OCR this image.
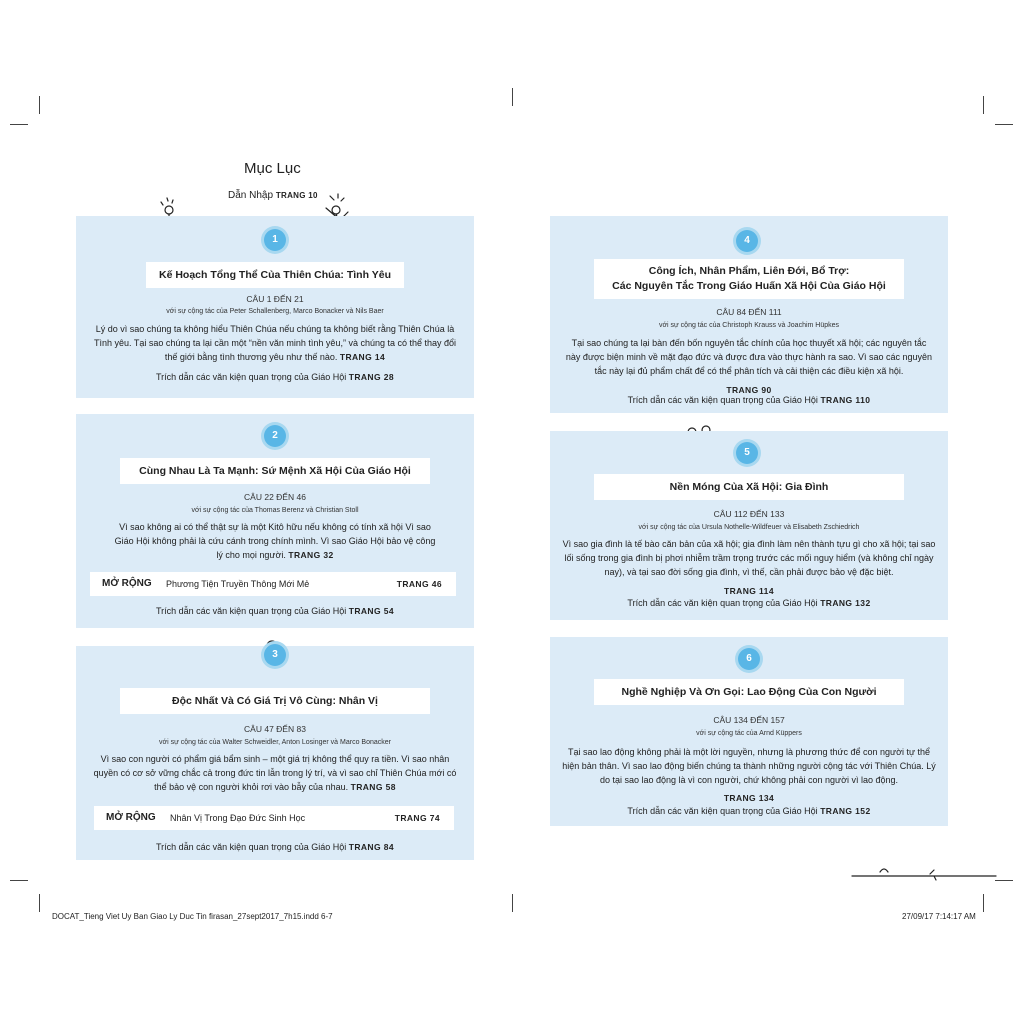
Mục Lục
Dẫn Nhập TRANG 10
1
Kế Hoạch Tổng Thể Của Thiên Chúa: Tình Yêu
CÂU 1 ĐẾN 21
với sự cộng tác của Peter Schallenberg, Marco Bonacker và Nils Baer
Lý do vì sao chúng ta không hiểu Thiên Chúa nếu chúng ta không biết rằng Thiên Chúa là Tình yêu. Tại sao chúng ta lại cần một “nền văn minh tình yêu,” và chúng ta có thể thay đổi thế giới bằng tình thương yêu như thế nào. TRANG 14
Trích dẫn các văn kiện quan trọng của Giáo Hội TRANG 28
2
Cùng Nhau Là Ta Mạnh: Sứ Mệnh Xã Hội Của Giáo Hội
CÂU 22 ĐẾN 46
với sự cộng tác của Thomas Berenz và Christian Stoll
Vì sao không ai có thể thật sự là một Kitô hữu nếu không có tính xã hội Vì sao Giáo Hội không phải là cứu cánh trong chính mình. Vì sao Giáo Hội bảo vệ công lý cho mọi người. TRANG 32
MỞ RỘNG Phương Tiện Truyền Thông Mới Mẻ	TRANG 46
Trích dẫn các văn kiện quan trọng của Giáo Hội TRANG 54
3
Độc Nhất Và Có Giá Trị Vô Cùng: Nhân Vị
CÂU 47 ĐẾN 83
với sự cộng tác của Walter Schweidler, Anton Losinger và Marco Bonacker
Vì sao con người có phẩm giá bẩm sinh – một giá trị không thể quy ra tiền. Vì sao nhân quyền có cơ sở vững chắc cả trong đức tin lẫn trong lý trí, và vì sao chỉ Thiên Chúa mới có thể bảo vệ con người khỏi rơi vào bẫy của nhau. TRANG 58
MỞ RỘNG Nhân Vị Trong Đạo Đức Sinh Học	TRANG 74
Trích dẫn các văn kiện quan trọng của Giáo Hội TRANG 84
4
Công Ích, Nhân Phẩm, Liên Đới, Bổ Trợ:
Các Nguyên Tắc Trong Giáo Huấn Xã Hội Của Giáo Hội
CÂU 84 ĐẾN 111
với sự cộng tác của Christoph Krauss và Joachim Hüpkes
Tại sao chúng ta lại bàn đến bốn nguyên tắc chính của học thuyết xã hội; các nguyên tắc này được biện minh về mặt đạo đức và được đưa vào thực hành ra sao. Vì sao các nguyên tắc này lại đủ phẩm chất để có thể phân tích và cải thiện các điều kiện xã hội.
TRANG 90
Trích dẫn các văn kiện quan trọng của Giáo Hội TRANG 110
5
Nền Móng Của Xã Hội: Gia Đình
CÂU 112 ĐẾN 133
với sự cộng tác của Ursula Nothelle-Wildfeuer và Elisabeth Zschiedrich
Vì sao gia đình là tế bào căn bản của xã hội; gia đình làm nên thành tựu gì cho xã hội; tại sao lối sống trong gia đình bị phơi nhiễm trầm trọng trước các mối nguy hiểm (và không chỉ ngày nay), và tại sao đời sống gia đình, vì thế, cần phải được bảo vệ đặc biệt.
TRANG 114
Trích dẫn các văn kiện quan trọng của Giáo Hội TRANG 132
6
Nghề Nghiệp Và Ơn Gọi: Lao Động Của Con Người
CÂU 134 ĐẾN 157
với sự cộng tác của Arnd Küppers
Tại sao lao động không phải là một lời nguyền, nhưng là phương thức để con người tự thể hiện bản thân. Vì sao lao động biến chúng ta thành những người cộng tác với Thiên Chúa. Lý do tại sao lao động là vì con người, chứ không phải con người vì lao động.
TRANG 134
Trích dẫn các văn kiện quan trọng của Giáo Hội TRANG 152
DOCAT_Tieng Viet Uy Ban Giao Ly Duc Tin firasan_27sept2017_7h15.indd 6-7	27/09/17 7:14:17 AM
